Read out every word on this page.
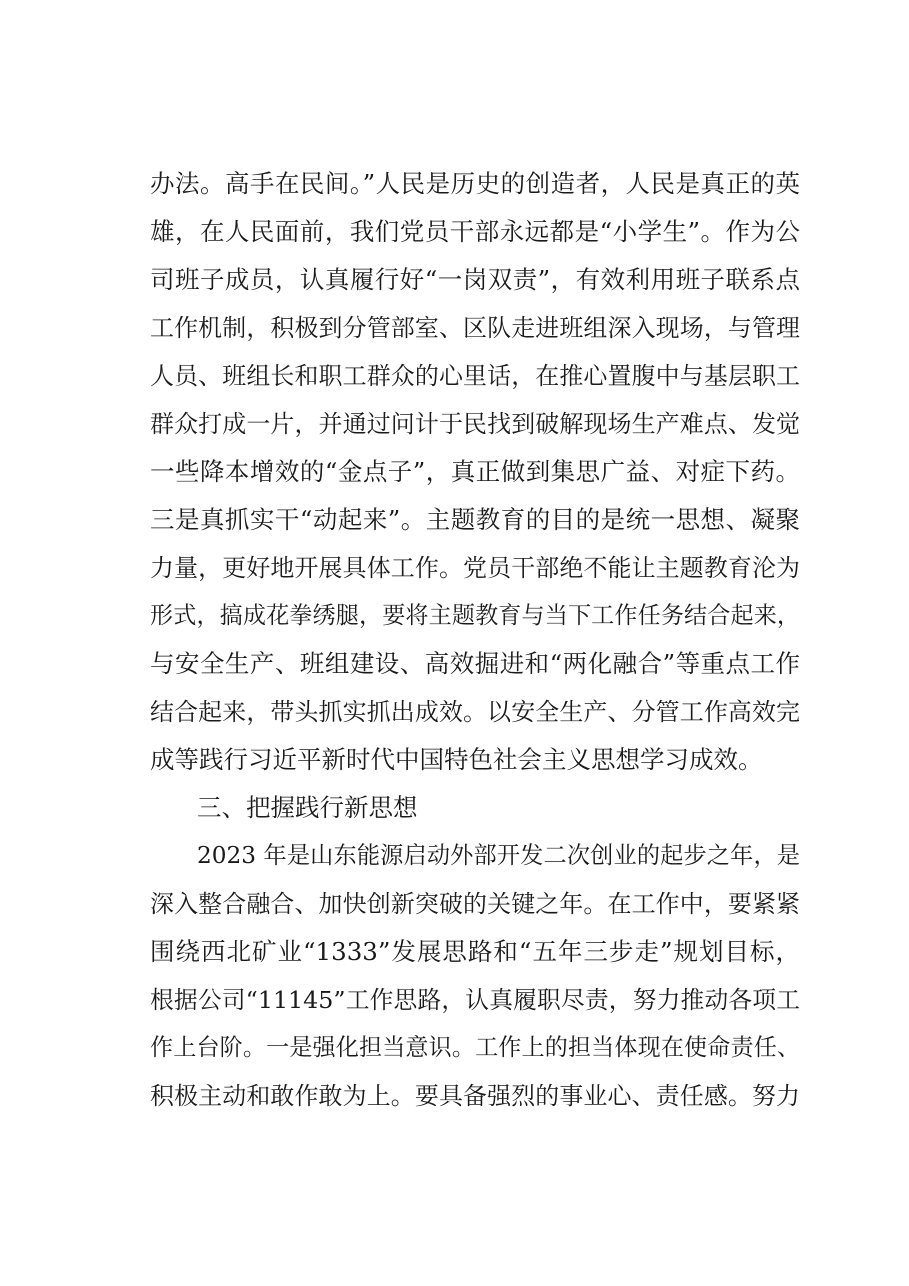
办法。高手在民间。”人民是历史的创造者，人民是真正的英
雄，在人民面前，我们党员干部永远都是“小学生”。作为公
司班子成员，认真履行好“一岗双责”，有效利用班子联系点
工作机制，积极到分管部室、区队走进班组深入现场，与管理
人员、班组长和职工群众的心里话，在推心置腹中与基层职工
群众打成一片，并通过问计于民找到破解现场生产难点、发觉
一些降本增效的“金点子”，真正做到集思广益、对症下药。
三是真抓实干“动起来”。主题教育的目的是统一思想、凝聚
力量，更好地开展具体工作。党员干部绝不能让主题教育沦为
形式，搞成花拳绣腿，要将主题教育与当下工作任务结合起来，
与安全生产、班组建设、高效掘进和“两化融合”等重点工作
结合起来，带头抓实抓出成效。以安全生产、分管工作高效完
成等践行习近平新时代中国特色社会主义思想学习成效。
三、把握践行新思想
2023 年是山东能源启动外部开发二次创业的起步之年，是
深入整合融合、加快创新突破的关键之年。在工作中，要紧紧
围绕西北矿业“1333”发展思路和“五年三步走”规划目标，
根据公司“11145”工作思路，认真履职尽责，努力推动各项工
作上台阶。一是强化担当意识。工作上的担当体现在使命责任、
积极主动和敢作敢为上。要具备强烈的事业心、责任感。努力
